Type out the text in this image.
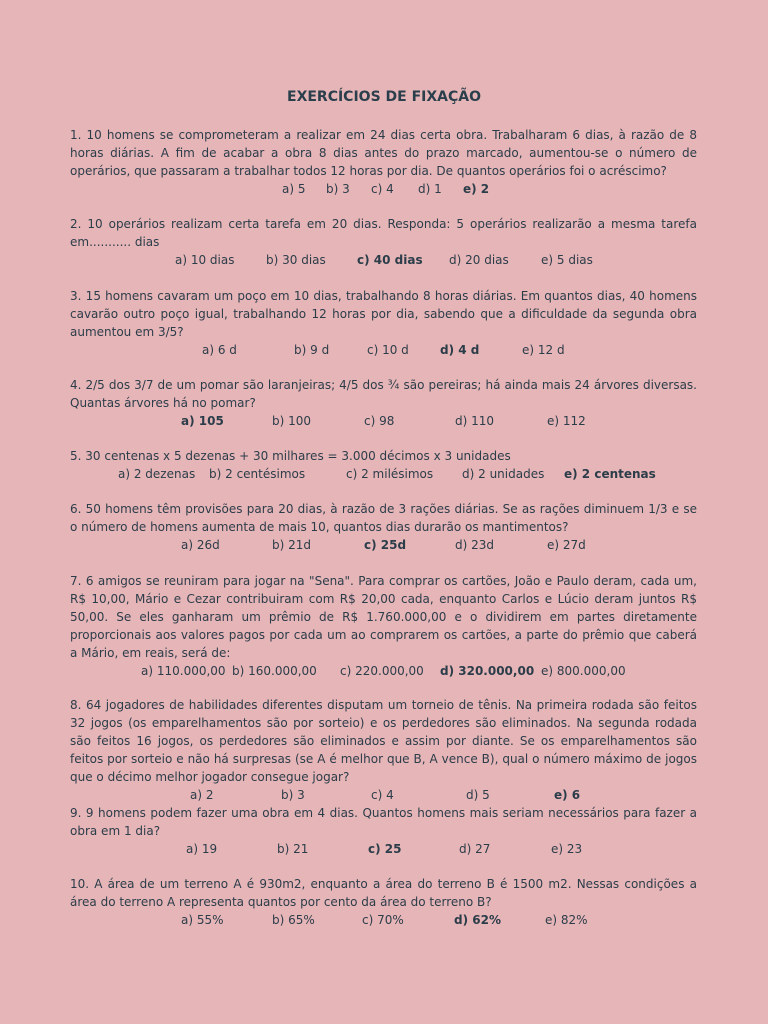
EXERCÍCIOS DE FIXAÇÃO
1. 10 homens se comprometeram a realizar em 24 dias certa obra. Trabalharam 6 dias, à razão de 8 horas diárias. A fim de acabar a obra 8 dias antes do prazo marcado, aumentou-se o número de operários, que passaram a trabalhar todos 12 horas por dia. De quantos operários foi o acréscimo?
a) 5 b) 3 c) 4 d) 1 e) 2
2. 10 operários realizam certa tarefa em 20 dias. Responda: 5 operários realizarão a mesma tarefa em........... dias
a) 10 dias	b) 30 dias	c) 40 dias d) 20 dias	e) 5 dias
3. 15 homens cavaram um poço em 10 dias, trabalhando 8 horas diárias. Em quantos dias, 40 homens cavarão outro poço igual, trabalhando 12 horas por dia, sabendo que a dificuldade da segunda obra aumentou em 3/5?
a) 6 d	b) 9 d	c) 10 d	d) 4 d	e) 12 d
4. 2/5 dos 3/7 de um pomar são laranjeiras; 4/5 dos ¾ são pereiras; há ainda mais 24 árvores diversas. Quantas árvores há no pomar?
a) 105	b) 100	c) 98	d) 110	e) 112
5. 30 centenas x 5 dezenas + 30 milhares = 3.000 décimos x 3 unidades
a) 2 dezenas b) 2 centésimos	c) 2 milésimos d) 2 unidades e) 2 centenas
6. 50 homens têm provisões para 20 dias, à razão de 3 rações diárias. Se as rações diminuem 1/3 e se o número de homens aumenta de mais 10, quantos dias durarão os mantimentos?
a) 26d	b) 21d	c) 25d	d) 23d	e) 27d
7. 6 amigos se reuniram para jogar na "Sena". Para comprar os cartões, João e Paulo deram, cada um, R$ 10,00, Mário e Cezar contribuiram com R$ 20,00 cada, enquanto Carlos e Lúcio deram juntos R$ 50,00. Se eles ganharam um prêmio de R$ 1.760.000,00 e o dividirem em partes diretamente proporcionais aos valores pagos por cada um ao comprarem os cartões, a parte do prêmio que caberá a Mário, em reais, será de:
a) 110.000,00 b) 160.000,00 c) 220.000,00 d) 320.000,00 e) 800.000,00
8. 64 jogadores de habilidades diferentes disputam um torneio de tênis. Na primeira rodada são feitos 32 jogos (os emparelhamentos são por sorteio) e os perdedores são eliminados. Na segunda rodada são feitos 16 jogos, os perdedores são eliminados e assim por diante. Se os emparelhamentos são feitos por sorteio e não há surpresas (se A é melhor que B, A vence B), qual o número máximo de jogos que o décimo melhor jogador consegue jogar?
a) 2	b) 3	c) 4	d) 5	e) 6
9. 9 homens podem fazer uma obra em 4 dias. Quantos homens mais seriam necessários para fazer a obra em 1 dia?
a) 19	b) 21	c) 25	d) 27	e) 23
10. A área de um terreno A é 930m2, enquanto a área do terreno B é 1500 m2. Nessas condições a área do terreno A representa quantos por cento da área do terreno B?
a) 55%	b) 65%	c) 70%	d) 62%	e) 82%
